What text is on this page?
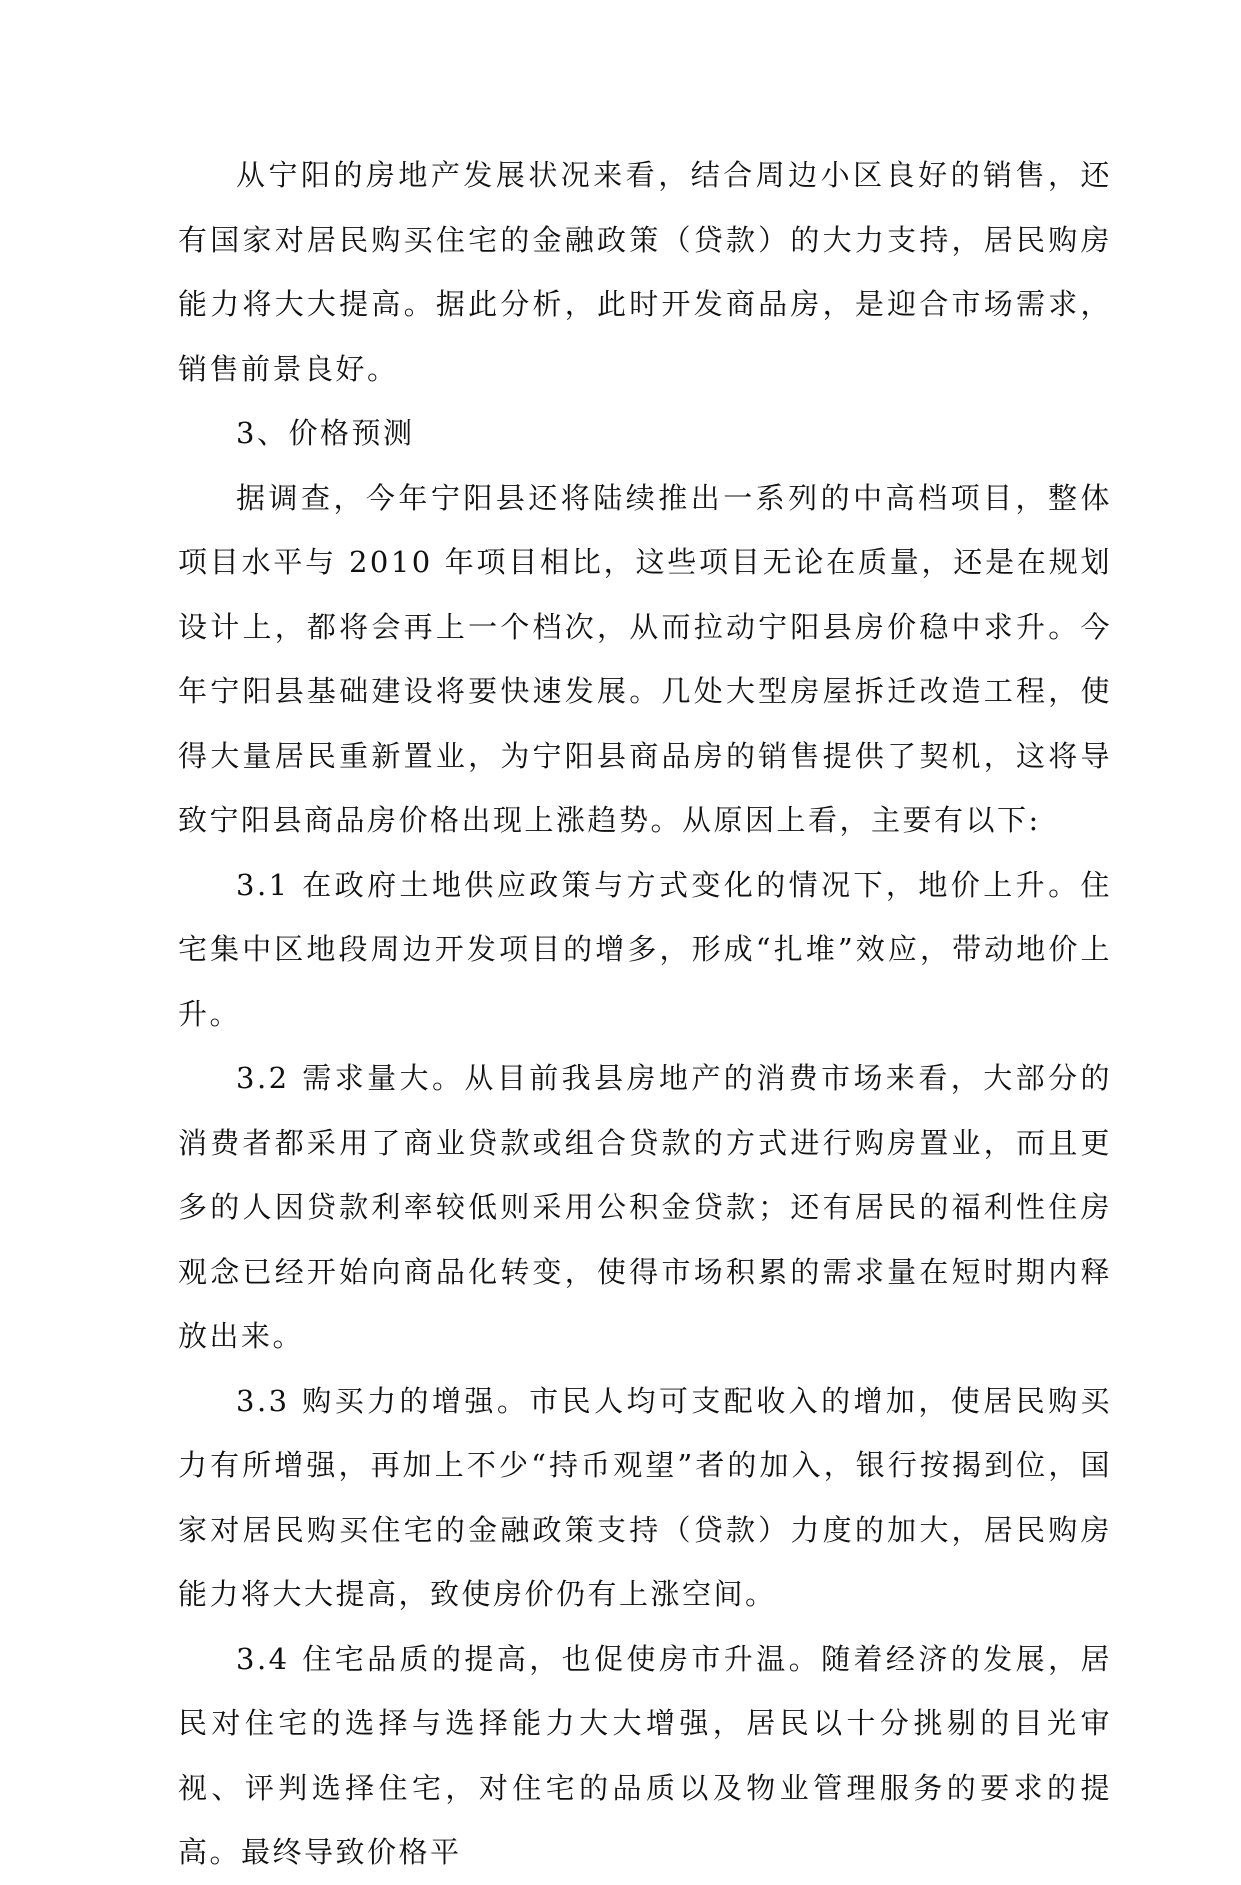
从宁阳的房地产发展状况来看，结合周边小区良好的销售，还有国家对居民购买住宅的金融政策（贷款）的大力支持，居民购房能力将大大提高。据此分析，此时开发商品房，是迎合市场需求，销售前景良好。

3、价格预测

据调查，今年宁阳县还将陆续推出一系列的中高档项目，整体项目水平与 2010 年项目相比，这些项目无论在质量，还是在规划设计上，都将会再上一个档次，从而拉动宁阳县房价稳中求升。今年宁阳县基础建设将要快速发展。几处大型房屋拆迁改造工程，使得大量居民重新置业，为宁阳县商品房的销售提供了契机，这将导致宁阳县商品房价格出现上涨趋势。从原因上看，主要有以下:

3.1 在政府土地供应政策与方式变化的情况下，地价上升。住宅集中区地段周边开发项目的增多，形成“扎堆”效应，带动地价上升。

3.2 需求量大。从目前我县房地产的消费市场来看，大部分的消费者都采用了商业贷款或组合贷款的方式进行购房置业，而且更多的人因贷款利率较低则采用公积金贷款；还有居民的福利性住房观念已经开始向商品化转变，使得市场积累的需求量在短时期内释放出来。

3.3 购买力的增强。市民人均可支配收入的增加，使居民购买力有所增强，再加上不少“持币观望”者的加入，银行按揭到位，国家对居民购买住宅的金融政策支持（贷款）力度的加大，居民购房能力将大大提高，致使房价仍有上涨空间。

3.4 住宅品质的提高，也促使房市升温。随着经济的发展，居民对住宅的选择与选择能力大大增强，居民以十分挑剔的目光审视、评判选择住宅，对住宅的品质以及物业管理服务的要求的提高。最终导致价格平
